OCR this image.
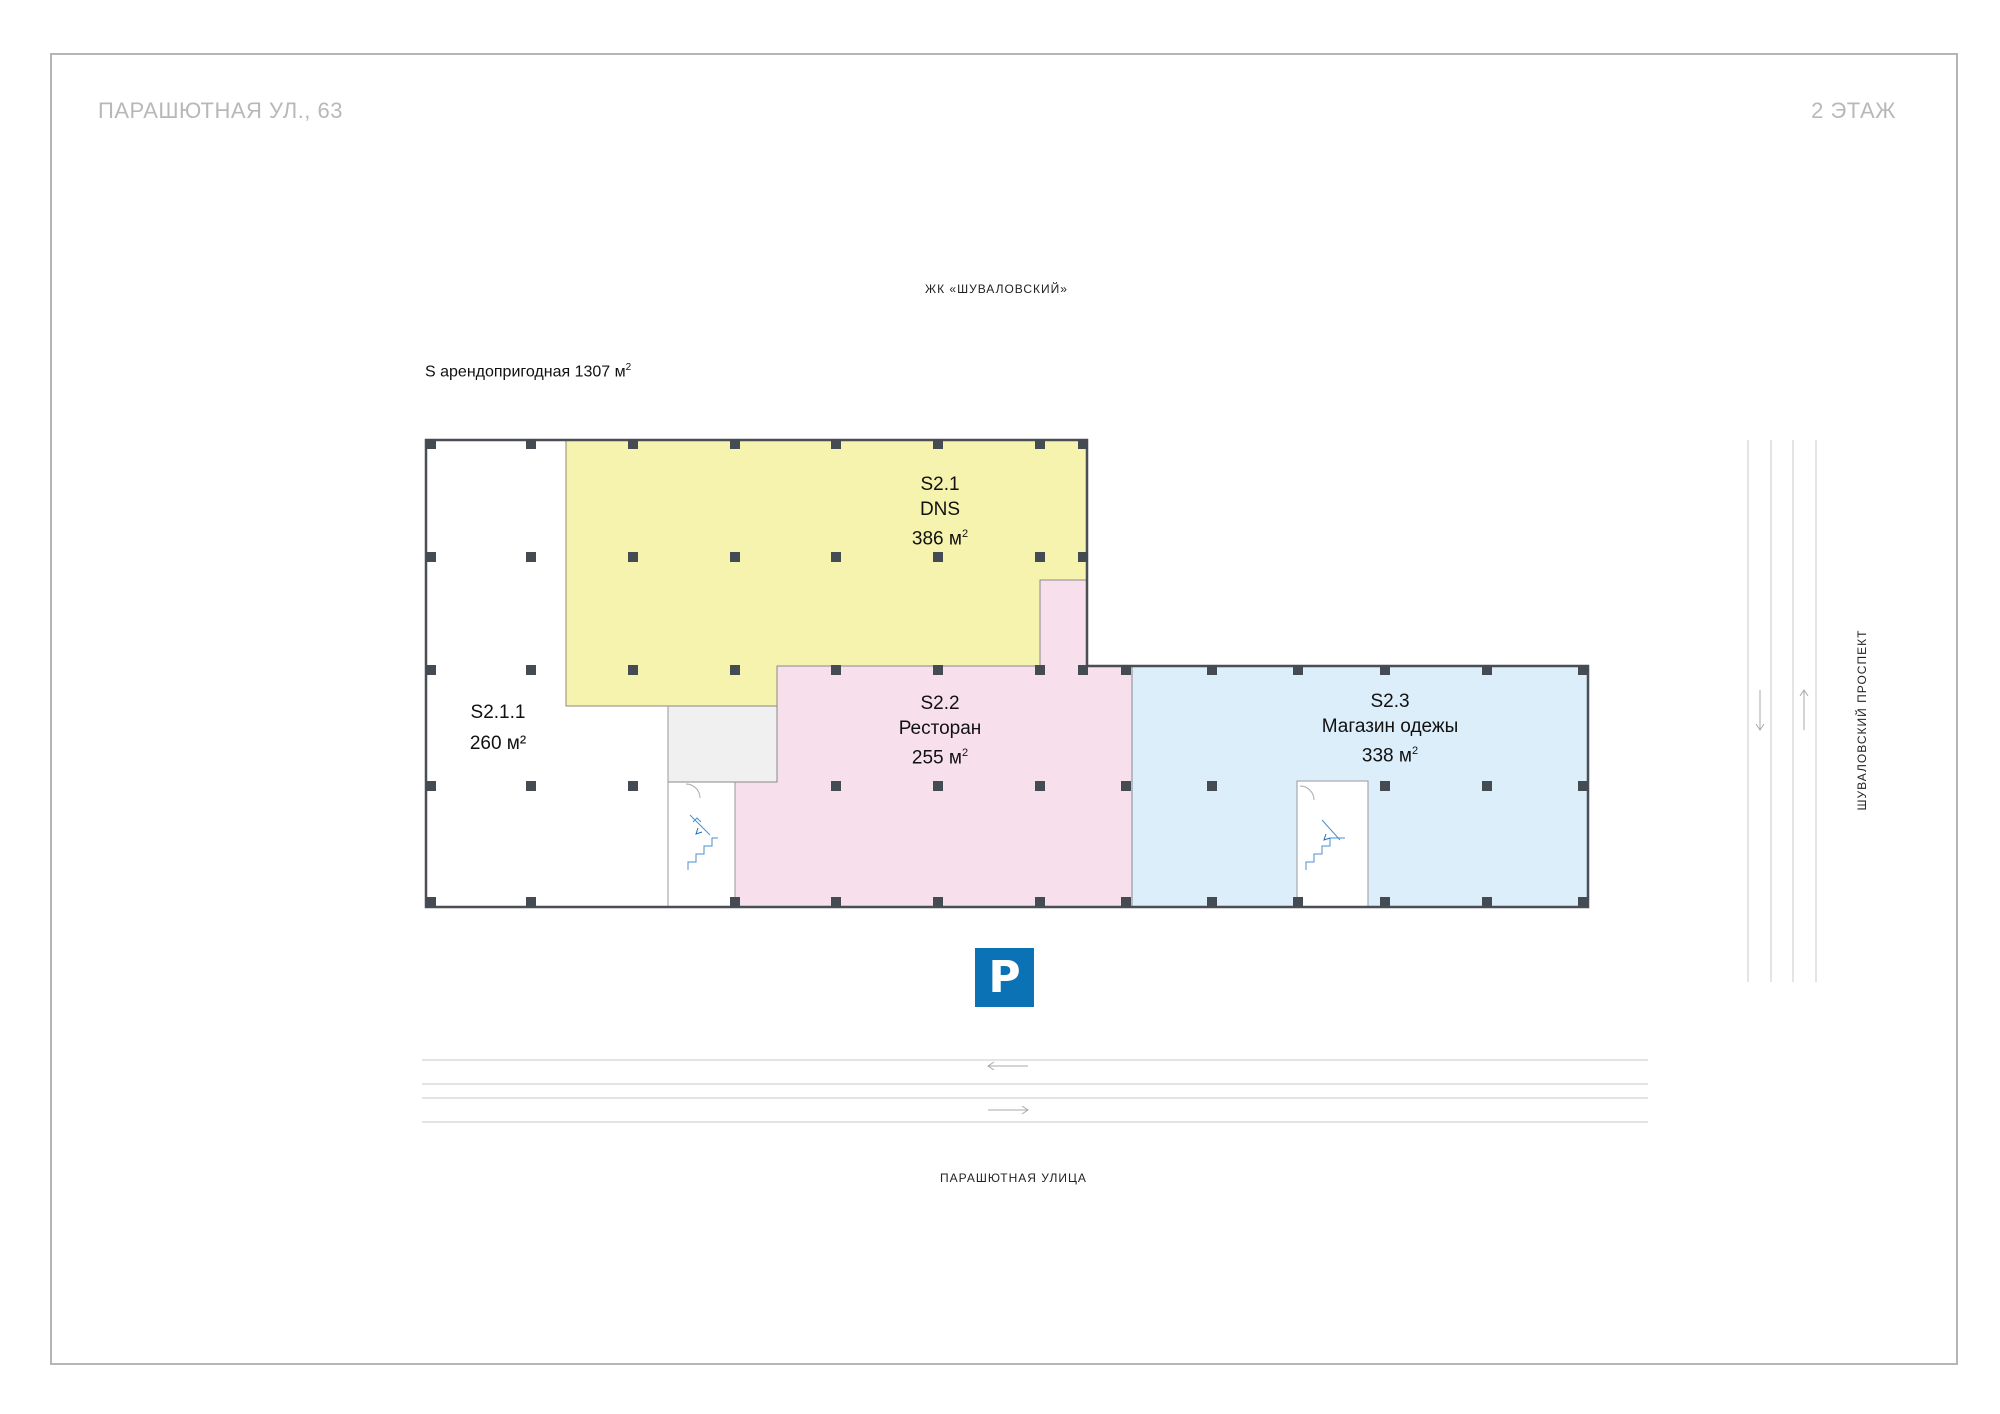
ПАРАШЮТНАЯ УЛ., 63	2 ЭТАЖ
ЖК «ШУВАЛОВСКИЙ»
S арендопригодная 1307 $м^2$
S2.1
DNS
386 $м^2$
S2.1.1
260 м²
S2.2
Ресторан
255 $м^2$
S2.3
Магазин одежы
338 $м^2$
P
ПАРАШЮТНАЯ УЛИЦА
ШУВАЛОВСКИЙ ПРОСПЕКТ
